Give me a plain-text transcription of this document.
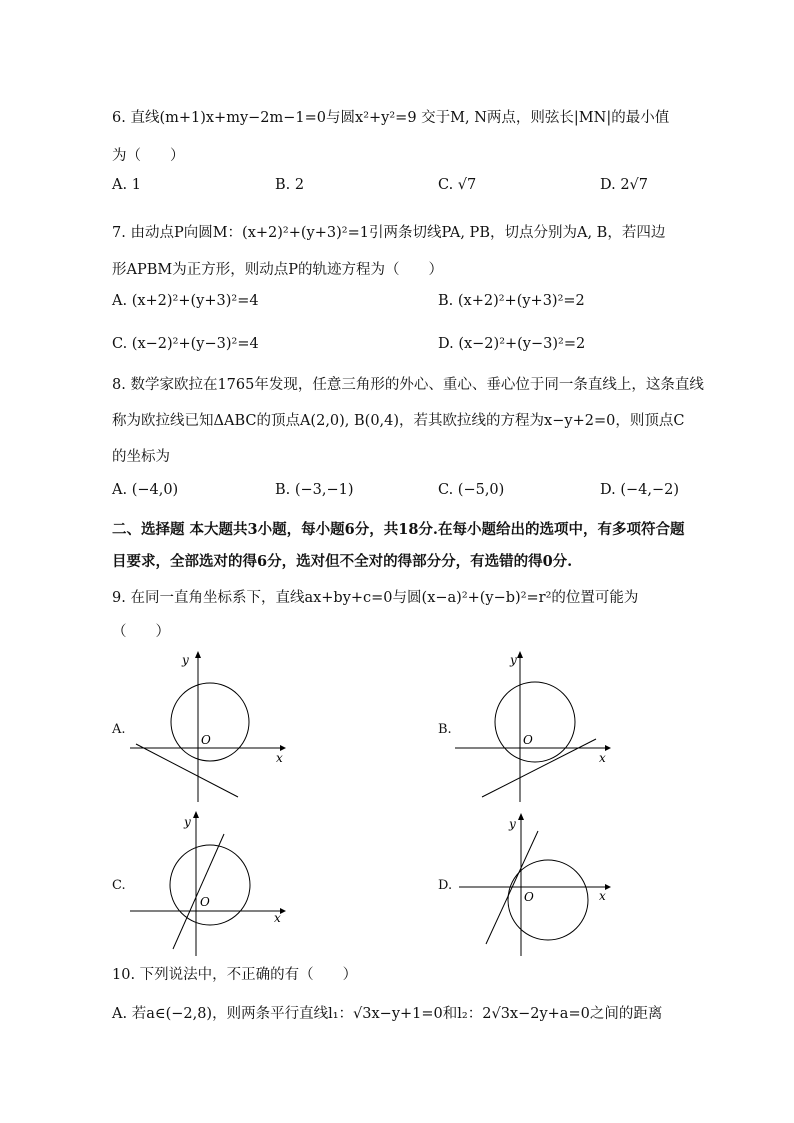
6. 直线(m+1)x+my−2m−1=0与圆x²+y²=9 交于M, N两点，则弦长|MN|的最小值
为（　　）
A. 1	B. 2	C. √7	D. 2√7
7. 由动点P向圆M：(x+2)²+(y+3)²=1引两条切线PA, PB，切点分别为A, B，若四边
形APBM为正方形，则动点P的轨迹方程为（　　）
A. (x+2)²+(y+3)²=4	B. (x+2)²+(y+3)²=2
C. (x−2)²+(y−3)²=4	D. (x−2)²+(y−3)²=2
8. 数学家欧拉在1765年发现，任意三角形的外心、重心、垂心位于同一条直线上，这条直线
称为欧拉线已知ΔABC的顶点A(2,0), B(0,4)，若其欧拉线的方程为x−y+2=0，则顶点C
的坐标为
A. (−4,0)	B. (−3,−1)	C. (−5,0)	D. (−4,−2)
二、选择题 本大题共3小题，每小题6分，共18分.在每小题给出的选项中，有多项符合题
目要求，全部选对的得6分，选对但不全对的得部分分，有选错的得0分.
9. 在同一直角坐标系下，直线ax+by+c=0与圆(x−a)²+(y−b)²=r²的位置可能为
（　　）
A.
y
x
O
B.
y
x
O
C.
y
x
O
D.
y
x
O
10. 下列说法中，不正确的有（　　）
A. 若a∈(−2,8)，则两条平行直线l₁：√3x−y+1=0和l₂：2√3x−2y+a=0之间的距离
